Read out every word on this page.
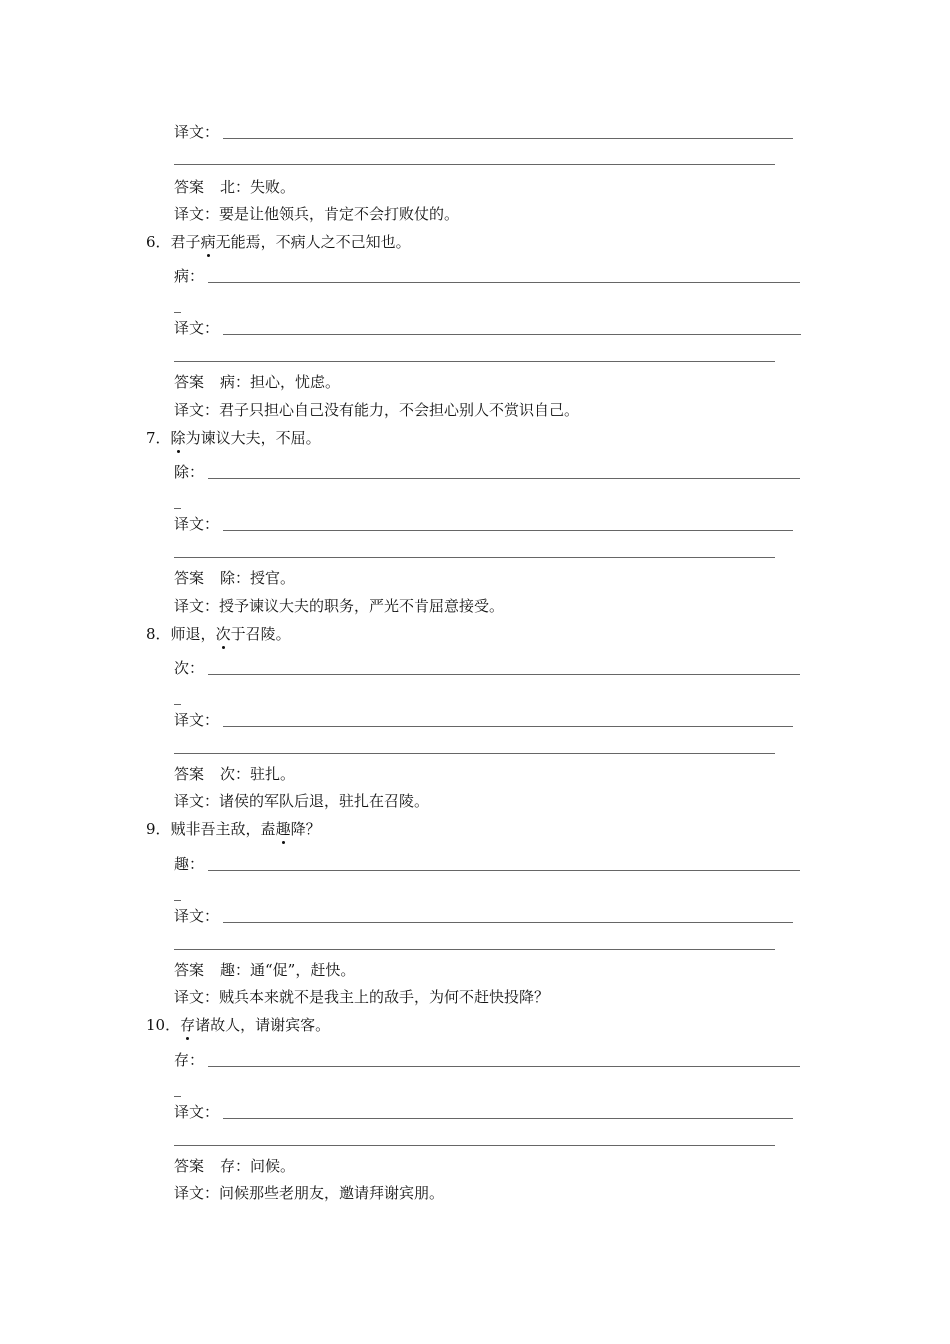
译文：
答案 北：失败。
译文：要是让他领兵，肯定不会打败仗的。
6．君子病无能焉，不病人之不己知也。
病：
译文：
答案 病：担心，忧虑。
译文：君子只担心自己没有能力，不会担心别人不赏识自己。
7．除为谏议大夫，不屈。
除：
译文：
答案 除：授官。
译文：授予谏议大夫的职务，严光不肯屈意接受。
8．师退，次于召陵。
次：
译文：
答案 次：驻扎。
译文：诸侯的军队后退，驻扎在召陵。
9．贼非吾主敌，盍趣降？
趣：
译文：
答案 趣：通“促”，赶快。
译文：贼兵本来就不是我主上的敌手，为何不赶快投降？
10．存诸故人，请谢宾客。
存：
译文：
答案 存：问候。
译文：问候那些老朋友，邀请拜谢宾朋。
